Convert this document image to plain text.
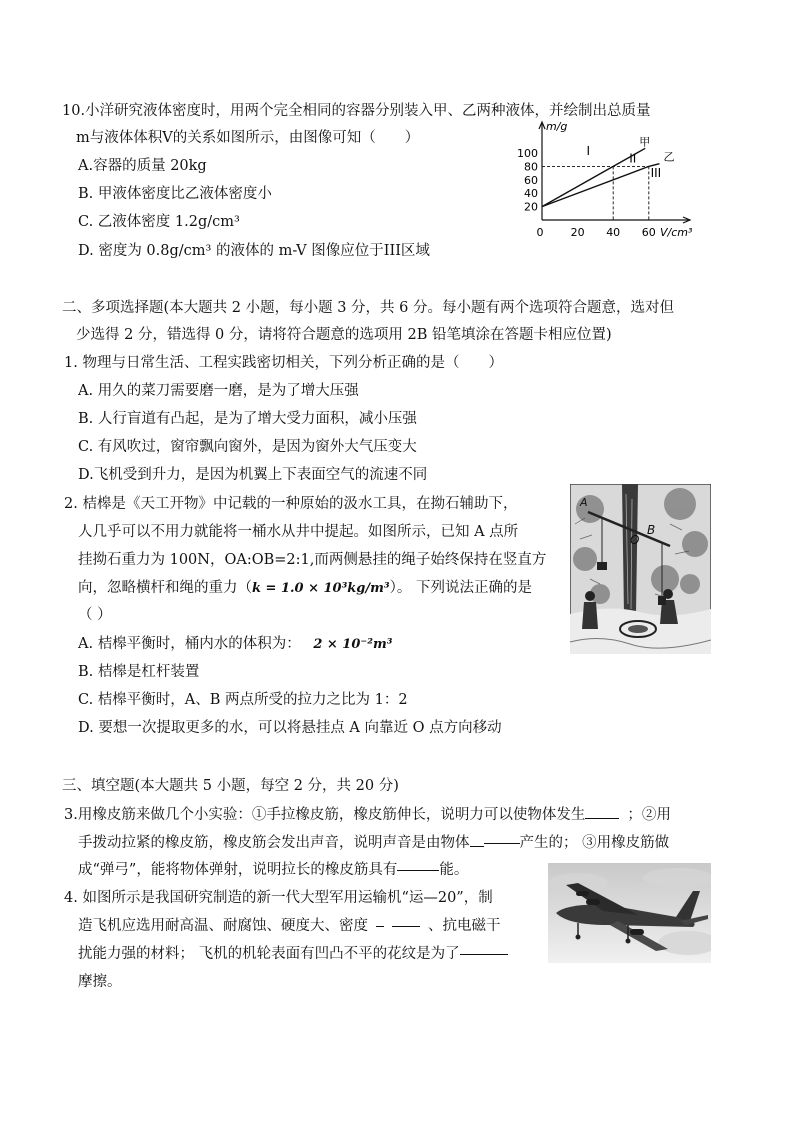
10.小洋研究液体密度时，用两个完全相同的容器分别装入甲、乙两种液体，并绘制出总质量
m与液体体积V的关系如图所示，由图像可知（　　）
A.容器的质量 20kg
B. 甲液体密度比乙液体密度小
C. 乙液体密度 1.2g/cm³
D. 密度为 0.8g/cm³ 的液体的 m-V 图像应位于III区域
m/g
V/cm³
100
80
60
40
20
0 20 40 60
甲
乙
I
II
III
二、多项选择题(本大题共 2 小题，每小题 3 分，共 6 分。每小题有两个选项符合题意，选对但
少选得 2 分，错选得 0 分，请将符合题意的选项用 2B 铅笔填涂在答题卡相应位置)
1. 物理与日常生活、工程实践密切相关，下列分析正确的是（　　）
A. 用久的菜刀需要磨一磨，是为了增大压强
B. 人行盲道有凸起，是为了增大受力面积，减小压强
C. 有风吹过，窗帘飘向窗外，是因为窗外大气压变大
D.飞机受到升力，是因为机翼上下表面空气的流速不同
2. 桔槔是《天工开物》中记载的一种原始的汲水工具，在拗石辅助下，
人几乎可以不用力就能将一桶水从井中提起。如图所示，已知 A 点所
挂拗石重力为 100N，OA:OB=2:1,而两侧悬挂的绳子始终保持在竖直方
向，忽略横杆和绳的重力（k = 1.0 × 10³kg/m³）。 下列说法正确的是
（ ）
A. 桔槔平衡时，桶内水的体积为： 2 × 10⁻²m³
B. 桔槔是杠杆装置
C. 桔槔平衡时，A、B 两点所受的拉力之比为 1：2
D. 要想一次提取更多的水，可以将悬挂点 A 向靠近 O 点方向移动
O
B
A
三、填空题(本大题共 5 小题，每空 2 分，共 20 分)
3.用橡皮筋来做几个小实验：①手拉橡皮筋，橡皮筋伸长，说明力可以使物体发生	；②用
手拨动拉紧的橡皮筋，橡皮筋会发出声音，说明声音是由物体	产生的； ③用橡皮筋做
成“弹弓”，能将物体弹射，说明拉长的橡皮筋具有	能。
4. 如图所示是我国研究制造的新一代大型军用运输机“运—20”，制
造飞机应选用耐高温、耐腐蚀、硬度大、密度	、抗电磁干
扰能力强的材料； 飞机的机轮表面有凹凸不平的花纹是为了
摩擦。
